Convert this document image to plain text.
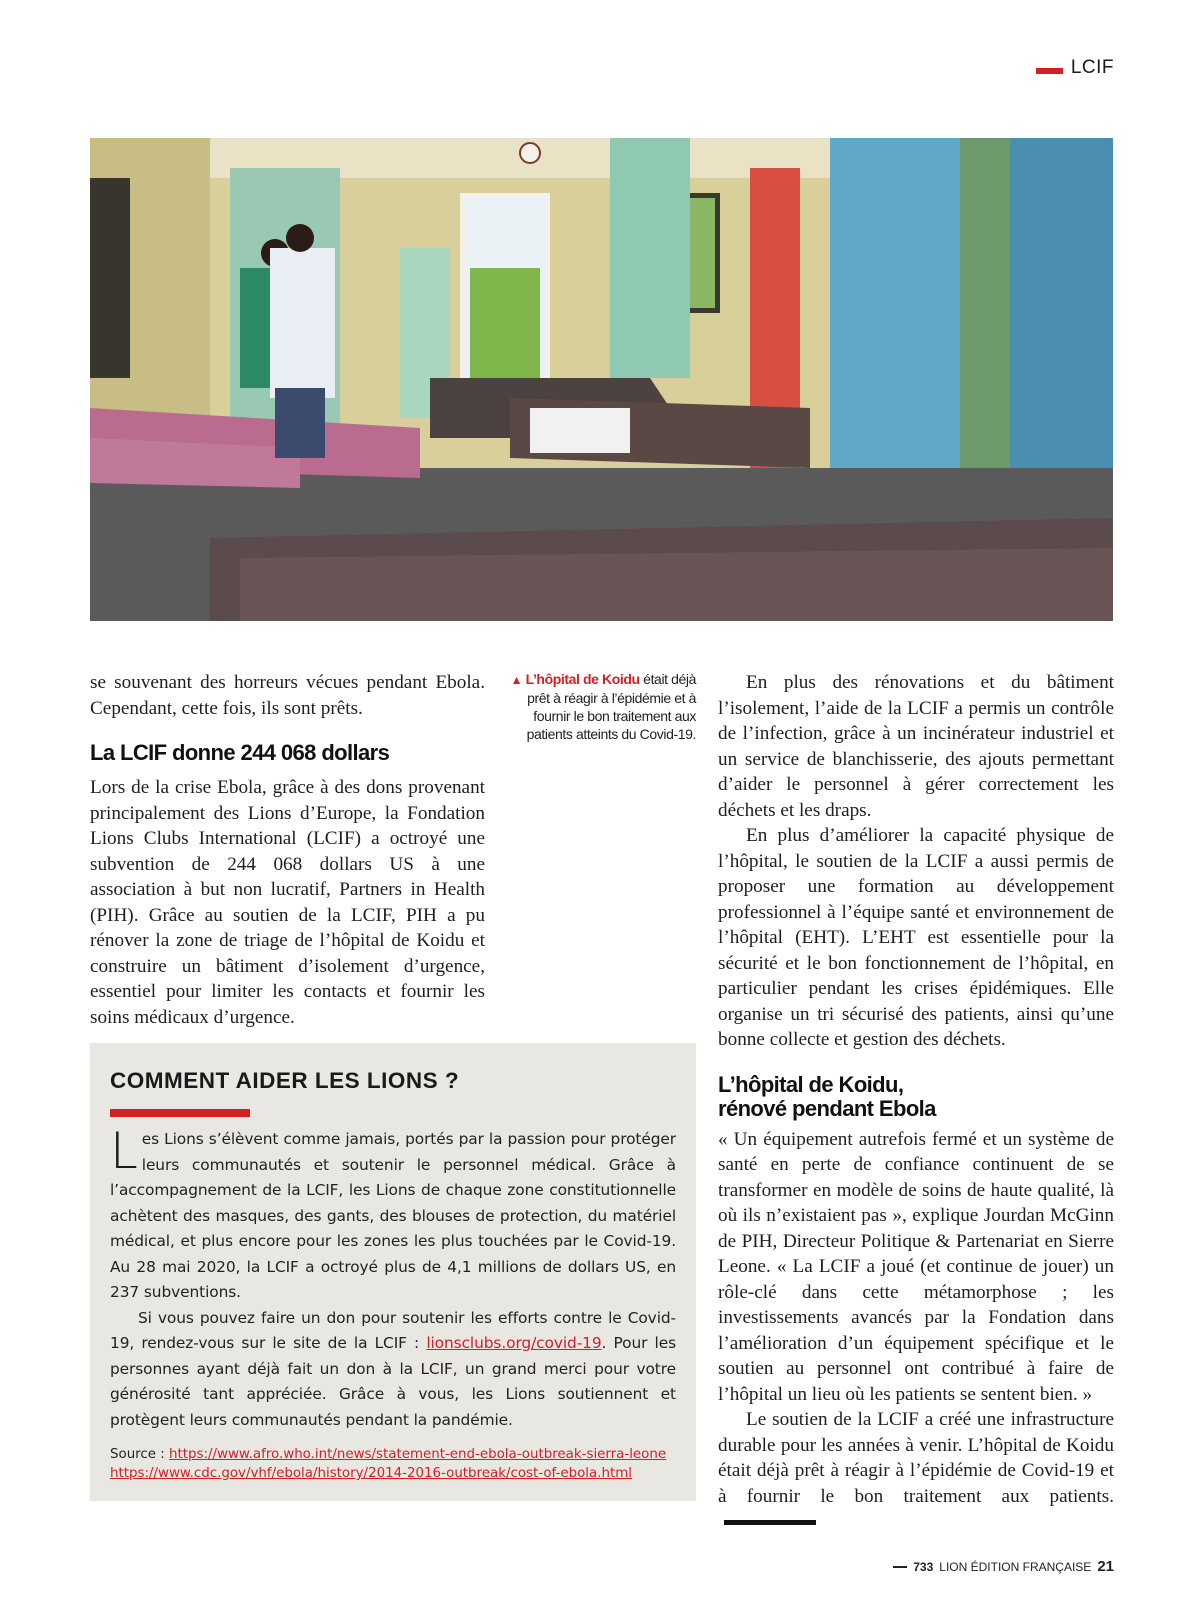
LCIF

se souvenant des horreurs vécues pendant Ebola. Cependant, cette fois, ils sont prêts.

La LCIF donne 244 068 dollars

Lors de la crise Ebola, grâce à des dons provenant principalement des Lions d’Europe, la Fondation Lions Clubs International (LCIF) a octroyé une subvention de 244 068 dollars US à une association à but non lucratif, Partners in Health (PIH). Grâce au soutien de la LCIF, PIH a pu rénover la zone de triage de l’hôpital de Koidu et construire un bâtiment d’isolement d’urgence, essentiel pour limiter les contacts et fournir les soins médicaux d’urgence.

▲ L’hôpital de Koidu était déjà prêt à réagir à l’épidémie et à fournir le bon traitement aux patients atteints du Covid-19.

En plus des rénovations et du bâtiment l’isolement, l’aide de la LCIF a permis un contrôle de l’infection, grâce à un incinérateur industriel et un service de blanchisserie, des ajouts permettant d’aider le personnel à gérer correctement les déchets et les draps.

En plus d’améliorer la capacité physique de l’hôpital, le soutien de la LCIF a aussi permis de proposer une formation au développement professionnel à l’équipe santé et environnement de l’hôpital (EHT). L’EHT est essentielle pour la sécurité et le bon fonctionnement de l’hôpital, en particulier pendant les crises épidémiques. Elle organise un tri sécurisé des patients, ainsi qu’une bonne collecte et gestion des déchets.

L’hôpital de Koidu,
rénové pendant Ebola

« Un équipement autrefois fermé et un système de santé en perte de confiance continuent de se transformer en modèle de soins de haute qualité, là où ils n’existaient pas », explique Jourdan McGinn de PIH, Directeur Politique & Partenariat en Sierre Leone. « La LCIF a joué (et continue de jouer) un rôle-clé dans cette métamorphose ; les investissements avancés par la Fondation dans l’amélioration d’un équipement spécifique et le soutien au personnel ont contribué à faire de l’hôpital un lieu où les patients se sentent bien. »

Le soutien de la LCIF a créé une infrastructure durable pour les années à venir. L’hôpital de Koidu était déjà prêt à réagir à l’épidémie de Covid-19 et à fournir le bon traitement aux patients.

COMMENT AIDER LES LIONS ?

Les Lions s’élèvent comme jamais, portés par la passion pour protéger leurs communautés et soutenir le personnel médical. Grâce à l’accompagnement de la LCIF, les Lions de chaque zone constitutionnelle achètent des masques, des gants, des blouses de protection, du matériel médical, et plus encore pour les zones les plus touchées par le Covid-19. Au 28 mai 2020, la LCIF a octroyé plus de 4,1 millions de dollars US, en 237 subventions.

Si vous pouvez faire un don pour soutenir les efforts contre le Covid-19, rendez-vous sur le site de la LCIF : lionsclubs.org/covid-19. Pour les personnes ayant déjà fait un don à la LCIF, un grand merci pour votre générosité tant appréciée. Grâce à vous, les Lions soutiennent et protègent leurs communautés pendant la pandémie.

Source : https://www.afro.who.int/news/statement-end-ebola-outbreak-sierra-leone
https://www.cdc.gov/vhf/ebola/history/2014-2016-outbreak/cost-of-ebola.html
733 LION ÉDITION FRANÇAISE 21
